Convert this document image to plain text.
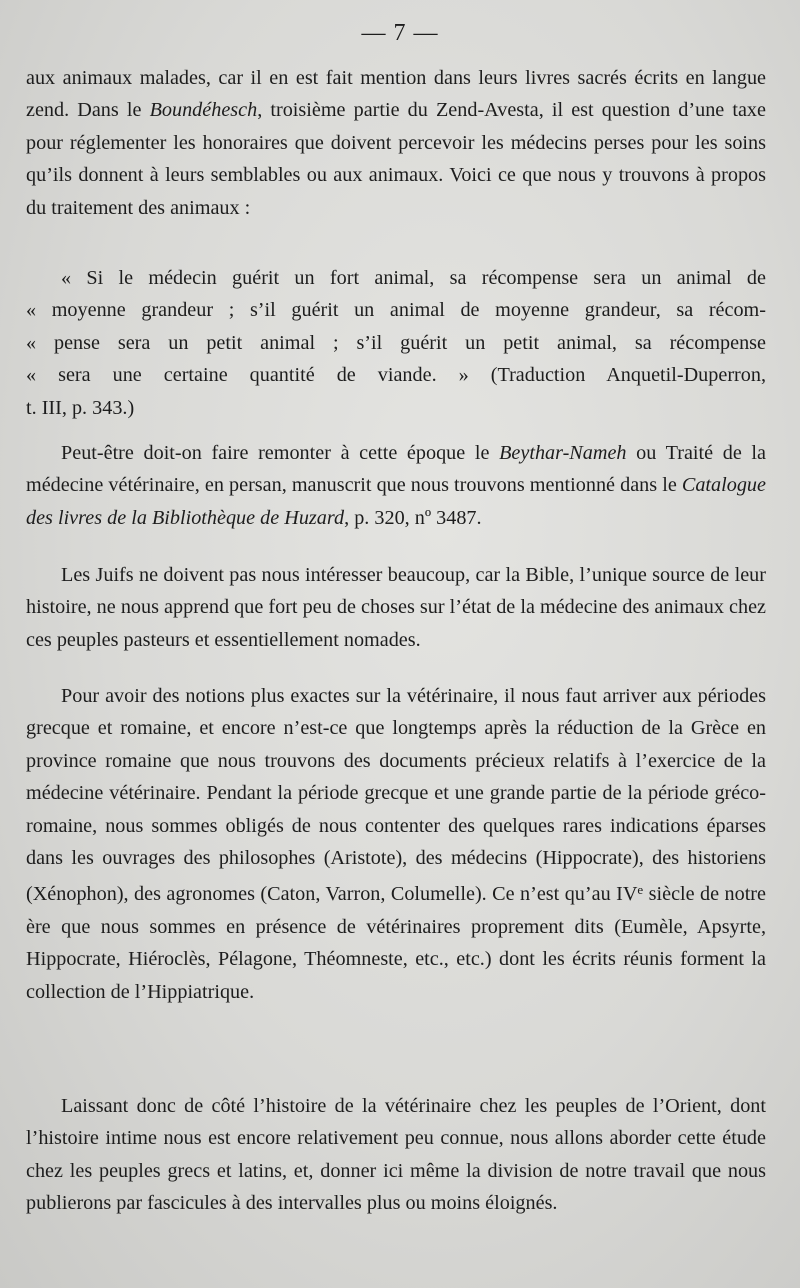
— 7 —

aux animaux malades, car il en est fait mention dans leurs livres sacrés écrits en langue zend. Dans le Boundéhesch, troisième partie du Zend-Avesta, il est question d’une taxe pour réglementer les honoraires que doivent percevoir les médecins perses pour les soins qu’ils donnent à leurs semblables ou aux animaux. Voici ce que nous y trouvons à propos du traitement des animaux :

« Si le médecin guérit un fort animal, sa récompense sera un animal de
« moyenne grandeur ; s’il guérit un animal de moyenne grandeur, sa récom-
« pense sera un petit animal ; s’il guérit un petit animal, sa récompense
« sera une certaine quantité de viande. » (Traduction Anquetil-Duperron,
t. III, p. 343.)

Peut-être doit-on faire remonter à cette époque le Beythar-Nameh ou Traité de la médecine vétérinaire, en persan, manuscrit que nous trouvons mentionné dans le Catalogue des livres de la Bibliothèque de Huzard, p. 320, nº 3487.

Les Juifs ne doivent pas nous intéresser beaucoup, car la Bible, l’unique source de leur histoire, ne nous apprend que fort peu de choses sur l’état de la médecine des animaux chez ces peuples pasteurs et essentiellement nomades.

Pour avoir des notions plus exactes sur la vétérinaire, il nous faut arriver aux périodes grecque et romaine, et encore n’est-ce que longtemps après la réduction de la Grèce en province romaine que nous trouvons des documents précieux relatifs à l’exercice de la médecine vétérinaire. Pendant la période grecque et une grande partie de la période gréco-romaine, nous sommes obligés de nous contenter des quelques rares indications éparses dans les ouvrages des philosophes (Aristote), des médecins (Hippocrate), des historiens (Xénophon), des agronomes (Caton, Varron, Columelle). Ce n’est qu’au IVe siècle de notre ère que nous sommes en présence de vétérinaires proprement dits (Eumèle, Apsyrte, Hippocrate, Hiéroclès, Pélagone, Théomneste, etc., etc.) dont les écrits réunis forment la collection de l’Hippiatrique.

Laissant donc de côté l’histoire de la vétérinaire chez les peuples de l’Orient, dont l’histoire intime nous est encore relativement peu connue, nous allons aborder cette étude chez les peuples grecs et latins, et, donner ici même la division de notre travail que nous publierons par fascicules à des intervalles plus ou moins éloignés.
